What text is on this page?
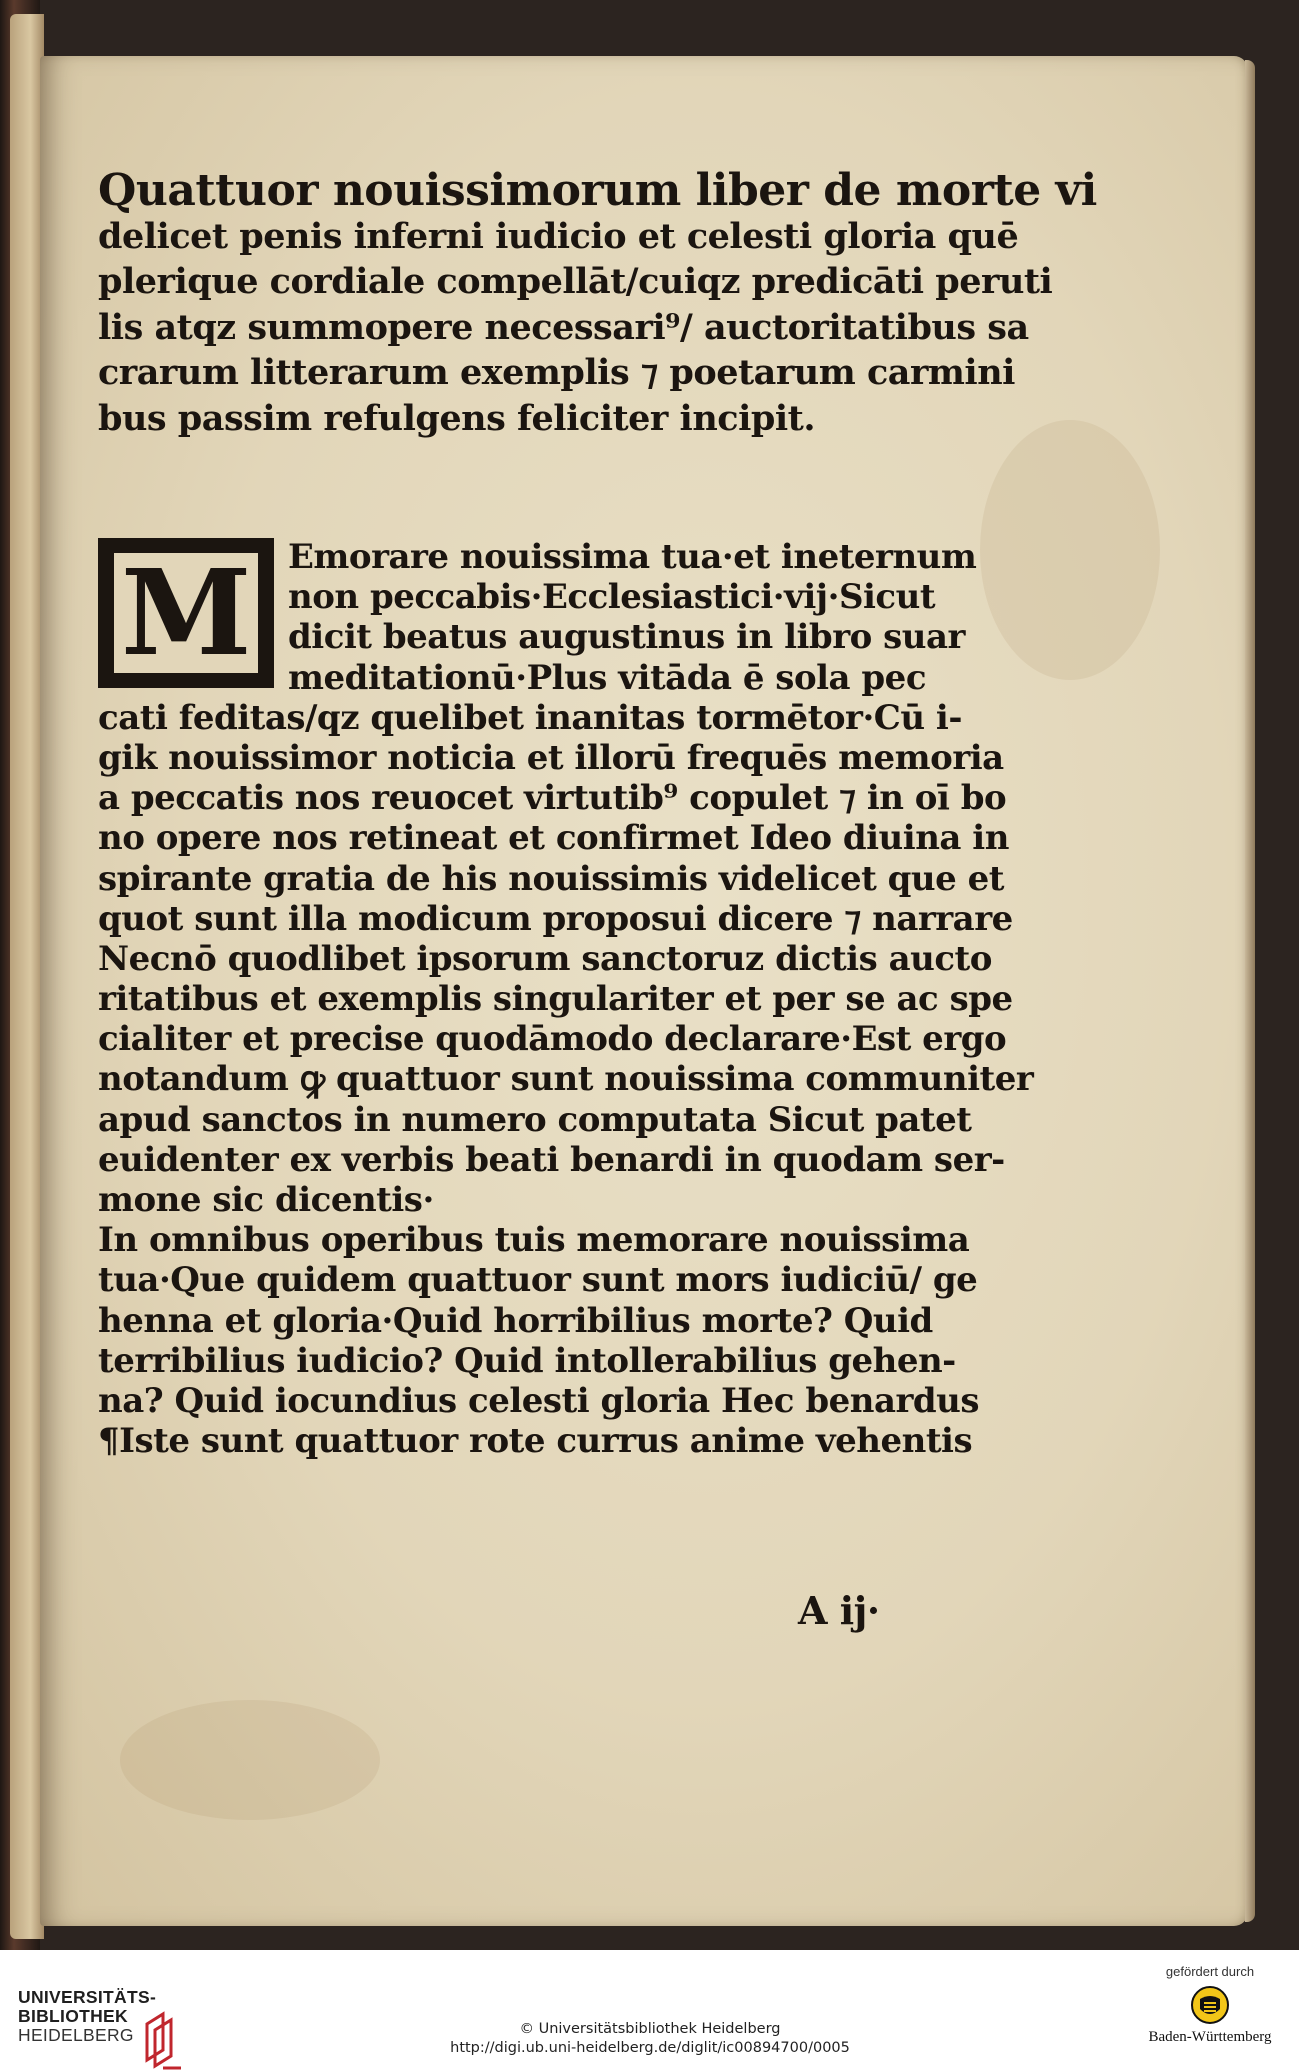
Quattuor nouissimorum liber de morte vi
delicet penis inferni iudicio et celesti gloria quē
plerique cordiale compellāt/cuiqz predicāti peruti
lis atqz summopere necessari⁹/ auctoritatibus sa
crarum litterarum exemplis ⁊ poetarum carmini
bus passim refulgens feliciter incipit.
M	Emorare nouissima tua·et ineternum
non peccabis·Ecclesiastici·vij·Sicut
dicit beatus augustinus in libro suar
meditationū·Plus vitāda ē sola pec
cati feditas/qz quelibet inanitas tormētor·Cū i-
gik nouissimor noticia et illorū frequēs memoria
a peccatis nos reuocet virtutib⁹ copulet ⁊ in oī bo
no opere nos retineat et confirmet Ideo diuina in
spirante gratia de his nouissimis videlicet que et
quot sunt illa modicum proposui dicere ⁊ narrare
Necnō quodlibet ipsorum sanctoruz dictis aucto
ritatibus et exemplis singulariter et per se ac spe
cialiter et precise quodāmodo declarare·Est ergo
notandum ꝙ quattuor sunt nouissima communiter
apud sanctos in numero computata Sicut patet
euidenter ex verbis beati benardi in quodam ser-
mone sic dicentis·
In omnibus operibus tuis memorare nouissima
tua·Que quidem quattuor sunt mors iudiciū/ ge
henna et gloria·Quid horribilius morte? Quid
terribilius iudicio? Quid intollerabilius gehen-
na? Quid iocundius celesti gloria Hec benardus
¶Iste sunt quattuor rote currus anime vehentis
A ij·
UNIVERSITÄTS-
BIBLIOTHEK
HEIDELBERG	© Universitätsbibliothek Heidelberg
http://digi.ub.uni-heidelberg.de/diglit/ic00894700/0005
gefördert durch
Baden-Württemberg
